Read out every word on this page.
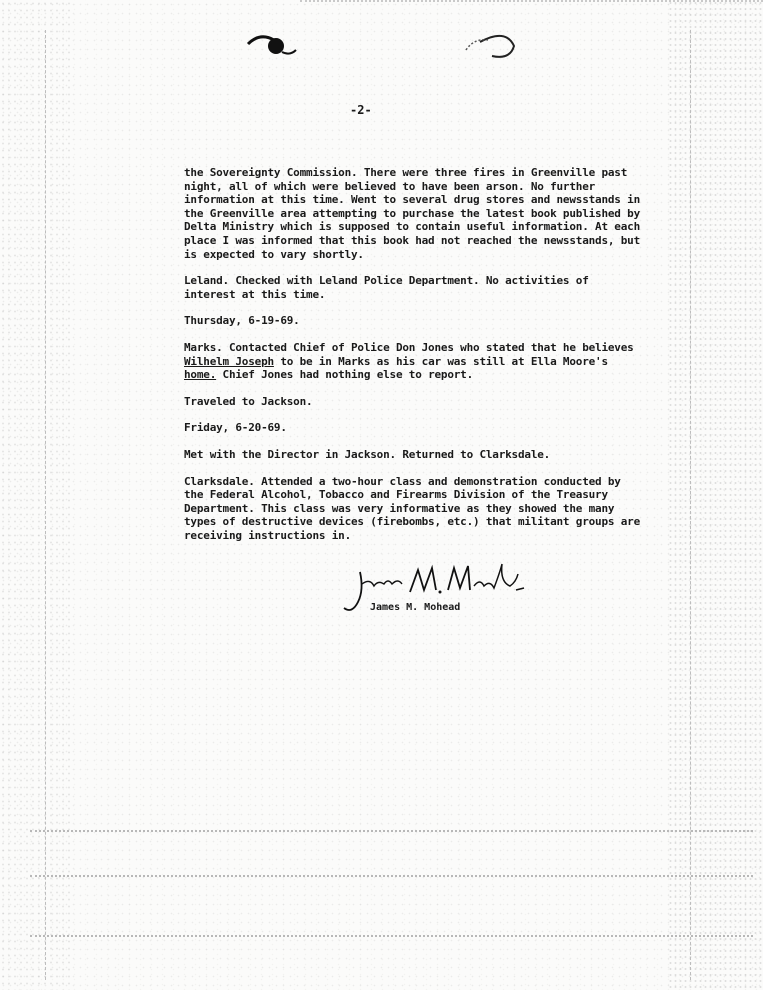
-2-

the Sovereignty Commission. There were three fires in Greenville past night, all of which were believed to have been arson. No further information at this time. Went to several drug stores and newsstands in the Greenville area attempting to purchase the latest book published by Delta Ministry which is supposed to contain useful information. At each place I was informed that this book had not reached the newsstands, but is expected to vary shortly.

Leland. Checked with Leland Police Department. No activities of interest at this time.

Thursday, 6-19-69.

Marks. Contacted Chief of Police Don Jones who stated that he believes Wilhelm Joseph to be in Marks as his car was still at Ella Moore's home. Chief Jones had nothing else to report.

Traveled to Jackson.

Friday, 6-20-69.

Met with the Director in Jackson. Returned to Clarksdale.

Clarksdale. Attended a two-hour class and demonstration conducted by the Federal Alcohol, Tobacco and Firearms Division of the Treasury Department. This class was very informative as they showed the many types of destructive devices (firebombs, etc.) that militant groups are receiving instructions in.

James M. Mohead
